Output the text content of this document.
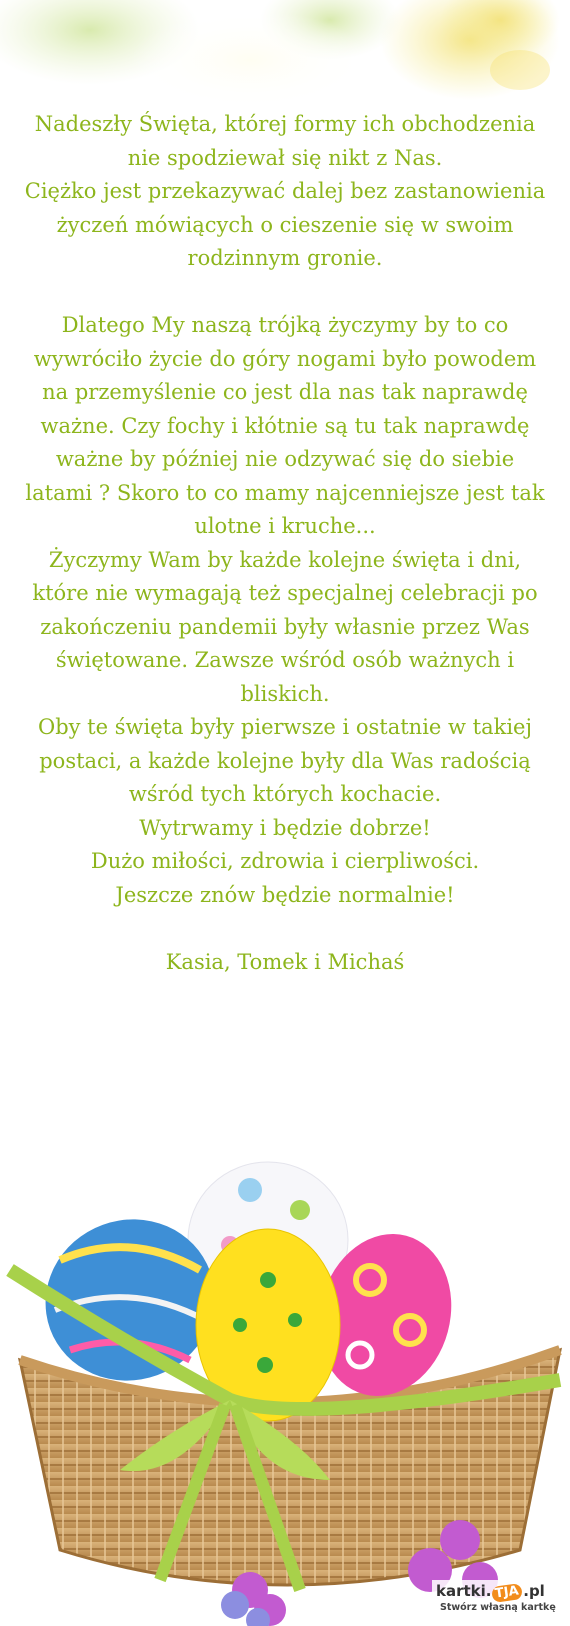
Nadeszły Święta, której formy ich obchodzenia
nie spodziewał się nikt z Nas.
Ciężko jest przekazywać dalej bez zastanowienia
życzeń mówiących o cieszenie się w swoim
rodzinnym gronie.
Dlatego My naszą trójką życzymy by to co
wywróciło życie do góry nogami było powodem
na przemyślenie co jest dla nas tak naprawdę
ważne. Czy fochy i kłótnie są tu tak naprawdę
ważne by później nie odzywać się do siebie
latami ? Skoro to co mamy najcenniejsze jest tak
ulotne i kruche...
Życzymy Wam by każde kolejne święta i dni,
które nie wymagają też specjalnej celebracji po
zakończeniu pandemii były własnie przez Was
świętowane. Zawsze wśród osób ważnych i
bliskich.
Oby te święta były pierwsze i ostatnie w takiej
postaci, a każde kolejne były dla Was radością
wśród tych których kochacie.
Wytrwamy i będzie dobrze!
Dużo miłości, zdrowia i cierpliwości.
Jeszcze znów będzie normalnie!
Kasia, Tomek i Michaś

kartki. TJA .pl
Stwórz własną kartkę
